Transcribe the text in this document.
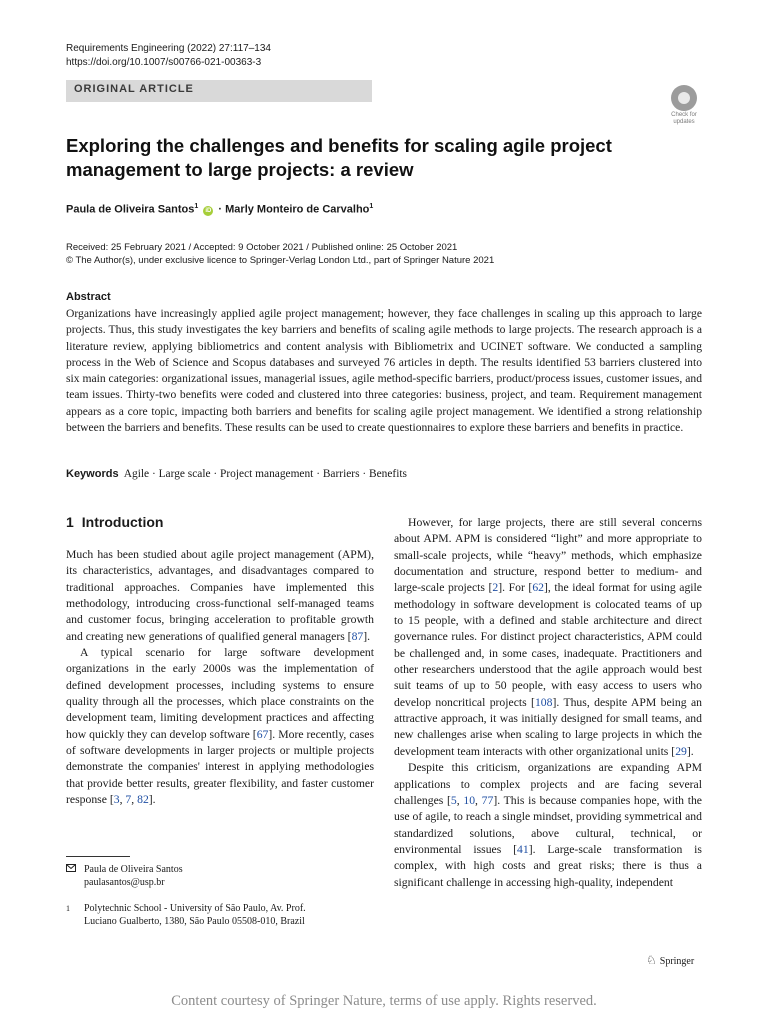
Requirements Engineering (2022) 27:117–134
https://doi.org/10.1007/s00766-021-00363-3
ORIGINAL ARTICLE
Check for updates
Exploring the challenges and benefits for scaling agile project management to large projects: a review
Paula de Oliveira Santos$^1$ iD · Marly Monteiro de Carvalho$^1$
Received: 25 February 2021 / Accepted: 9 October 2021 / Published online: 25 October 2021
© The Author(s), under exclusive licence to Springer-Verlag London Ltd., part of Springer Nature 2021
Abstract
Organizations have increasingly applied agile project management; however, they face challenges in scaling up this approach to large projects. Thus, this study investigates the key barriers and benefits of scaling agile methods to large projects. The research approach is a literature review, applying bibliometrics and content analysis with Bibliometrix and UCINET software. We conducted a sampling process in the Web of Science and Scopus databases and surveyed 76 articles in depth. The results identified 53 barriers clustered into six main categories: organizational issues, managerial issues, agile method-specific barriers, product/process issues, customer issues, and team issues. Thirty-two benefits were coded and clustered into three categories: business, project, and team. Requirement management appears as a core topic, impacting both barriers and benefits for scaling agile project management. We identified a strong relationship between the barriers and benefits. These results can be used to create questionnaires to explore these barriers and benefits in practice.
Keywords Agile · Large scale · Project management · Barriers · Benefits
1 Introduction

Much has been studied about agile project management (APM), its characteristics, advantages, and disadvantages compared to traditional approaches. Companies have implemented this methodology, introducing cross-functional self-managed teams and customer focus, bringing acceleration to profitable growth and creating new generations of qualified general managers [87].

A typical scenario for large software development organizations in the early 2000s was the implementation of defined development processes, including systems to ensure quality through all the processes, which place constraints on the development team, limiting development practices and affecting how quickly they can develop software [67]. More recently, cases of software developments in larger projects or multiple projects demonstrate the companies' interest in applying methodologies that provide better results, greater flexibility, and faster customer response [3, 7, 82].

However, for large projects, there are still several concerns about APM. APM is considered “light” and more appropriate to small-scale projects, while “heavy” methods, which emphasize documentation and structure, respond better to medium- and large-scale projects [2]. For [62], the ideal format for using agile methodology in software development is colocated teams of up to 15 people, with a defined and stable architecture and direct governance rules. For distinct project characteristics, APM could be challenged and, in some cases, inadequate. Practitioners and other researchers understood that the agile approach would best suit teams of up to 50 people, with easy access to users who develop noncritical projects [108]. Thus, despite APM being an attractive approach, it was initially designed for small teams, and new challenges arise when scaling to large projects in which the development team interacts with other organizational units [29].

Despite this criticism, organizations are expanding APM applications to complex projects and are facing several challenges [5, 10, 77]. This is because companies hope, with the use of agile, to reach a single mindset, providing symmetrical and standardized solutions, above cultural, technical, or environmental issues [41]. Large-scale transformation is complex, with high costs and great risks; there is thus a significant challenge in accessing high-quality, independent

Paula de Oliveira Santos
paulasantos@usp.br
1 Polytechnic School - University of São Paulo, Av. Prof.
Luciano Gualberto, 1380, São Paulo 05508-010, Brazil
♘ Springer
Content courtesy of Springer Nature, terms of use apply. Rights reserved.
